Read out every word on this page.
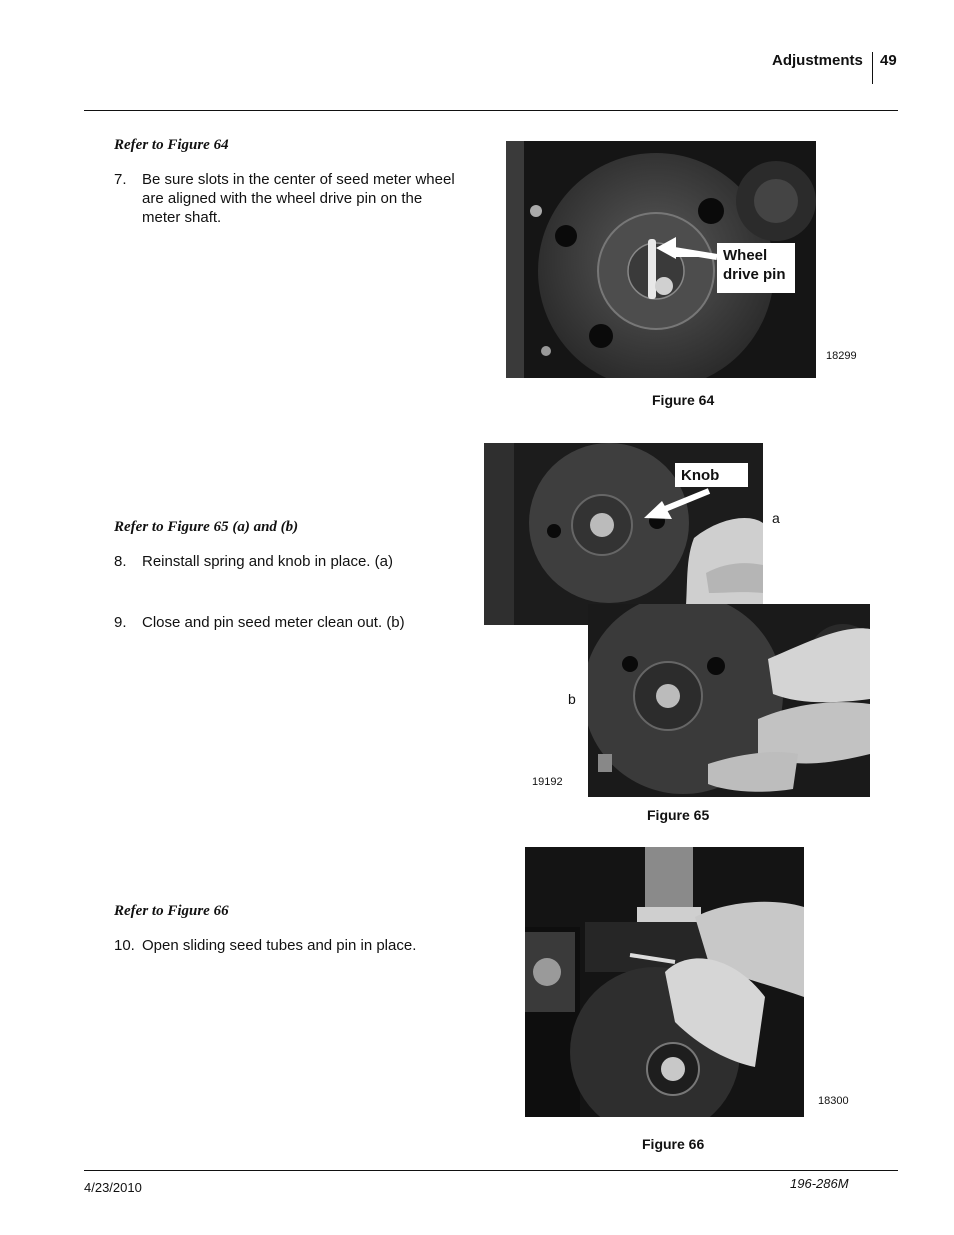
Adjustments 49
Refer to Figure 64
7. Be sure slots in the center of seed meter wheel are aligned with the wheel drive pin on the meter shaft.
Refer to Figure 65 (a) and (b)
8. Reinstall spring and knob in place. (a)
9. Close and pin seed meter clean out. (b)
Refer to Figure 66
10. Open sliding seed tubes and pin in place.
Wheel drive pin
18299
Figure 64
Knob
a
b
19192
Figure 65
18300
Figure 66
4/23/2010	196-286M
